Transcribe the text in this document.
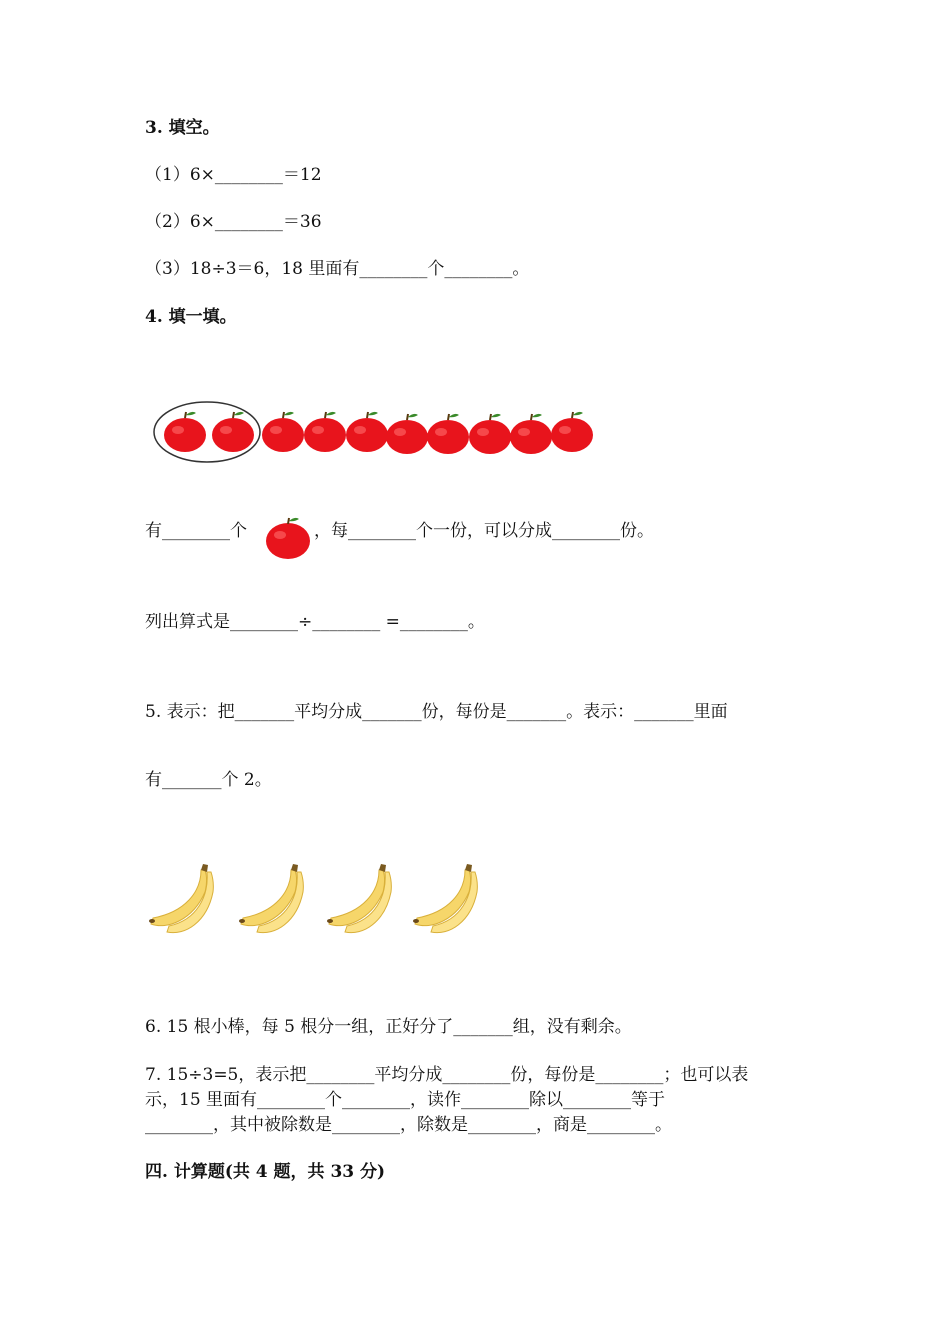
3. 填空。
（1）6×________＝12
（2）6×________＝36
（3）18÷3＝6，18 里面有________个________。
4. 填一填。
有________个	，每________个一份，可以分成________份。
列出算式是________÷________ =________。
5. 表示：把_______平均分成_______份，每份是_______。表示：_______里面
有_______个 2。
6. 15 根小棒，每 5 根分一组，正好分了_______组，没有剩余。
7. 15÷3=5，表示把________平均分成________份，每份是________；也可以表
示，15 里面有________个________，读作________除以________等于
________，其中被除数是________，除数是________，商是________。
四. 计算题(共 4 题，共 33 分)
